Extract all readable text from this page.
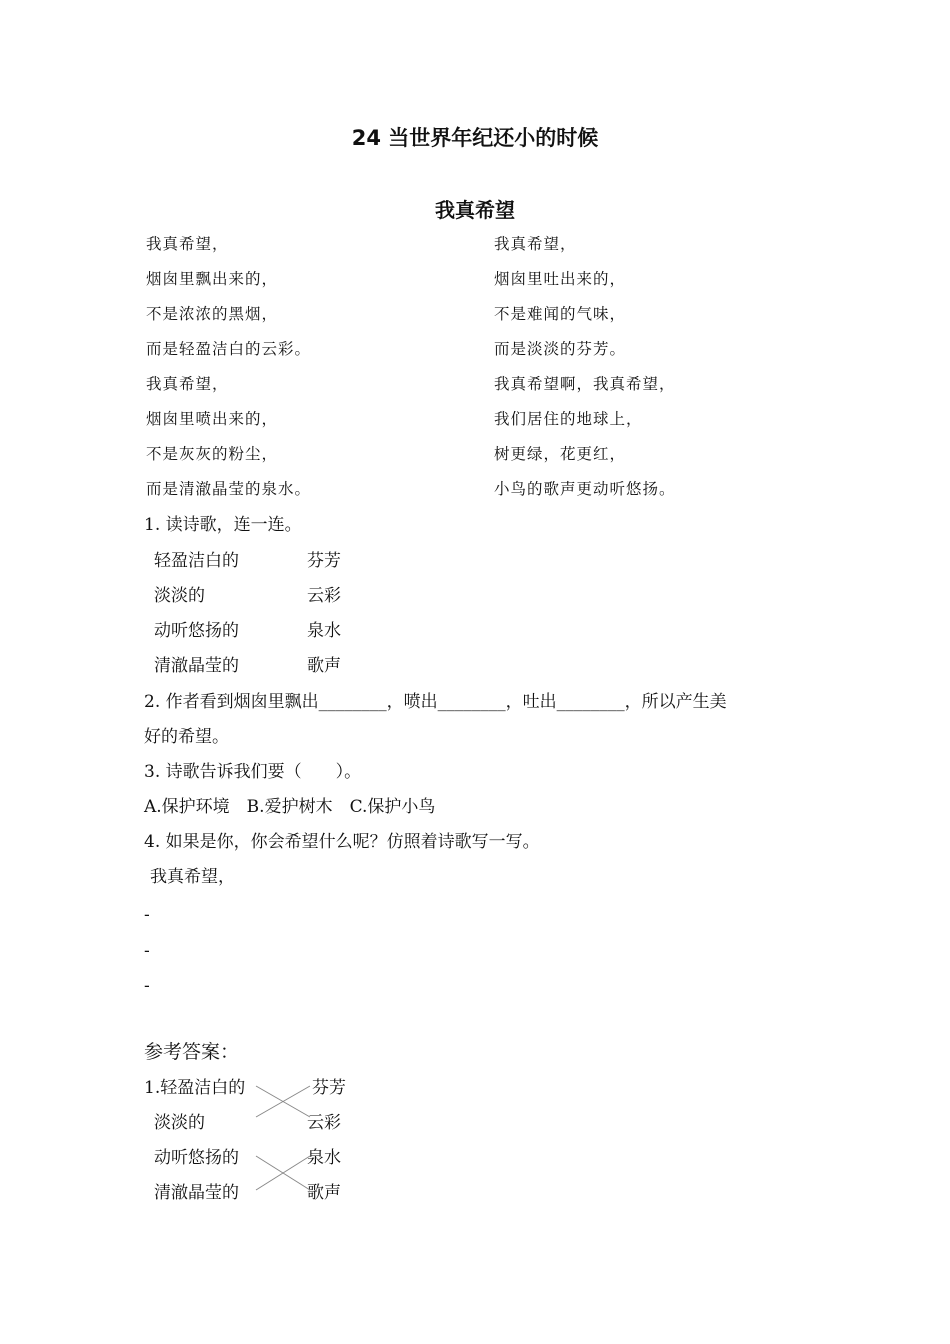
24 当世界年纪还小的时候
我真希望
我真希望，
烟囱里飘出来的，
不是浓浓的黑烟，
而是轻盈洁白的云彩。
我真希望，
烟囱里喷出来的，
不是灰灰的粉尘，
而是清澈晶莹的泉水。
我真希望，
烟囱里吐出来的，
不是难闻的气味，
而是淡淡的芬芳。
我真希望啊，我真希望，
我们居住的地球上，
树更绿，花更红，
小鸟的歌声更动听悠扬。
1. 读诗歌，连一连。
轻盈洁白的
淡淡的
动听悠扬的
清澈晶莹的
芬芳
云彩
泉水
歌声
2. 作者看到烟囱里飘出________，喷出________，吐出________，所以产生美
好的希望。
3. 诗歌告诉我们要（　　）。
A.保护环境　B.爱护树木　C.保护小鸟
4. 如果是你，你会希望什么呢？仿照着诗歌写一写。
我真希望，
-
-
-
参考答案：
1.轻盈洁白的
淡淡的
动听悠扬的
清澈晶莹的
芬芳
云彩
泉水
歌声
